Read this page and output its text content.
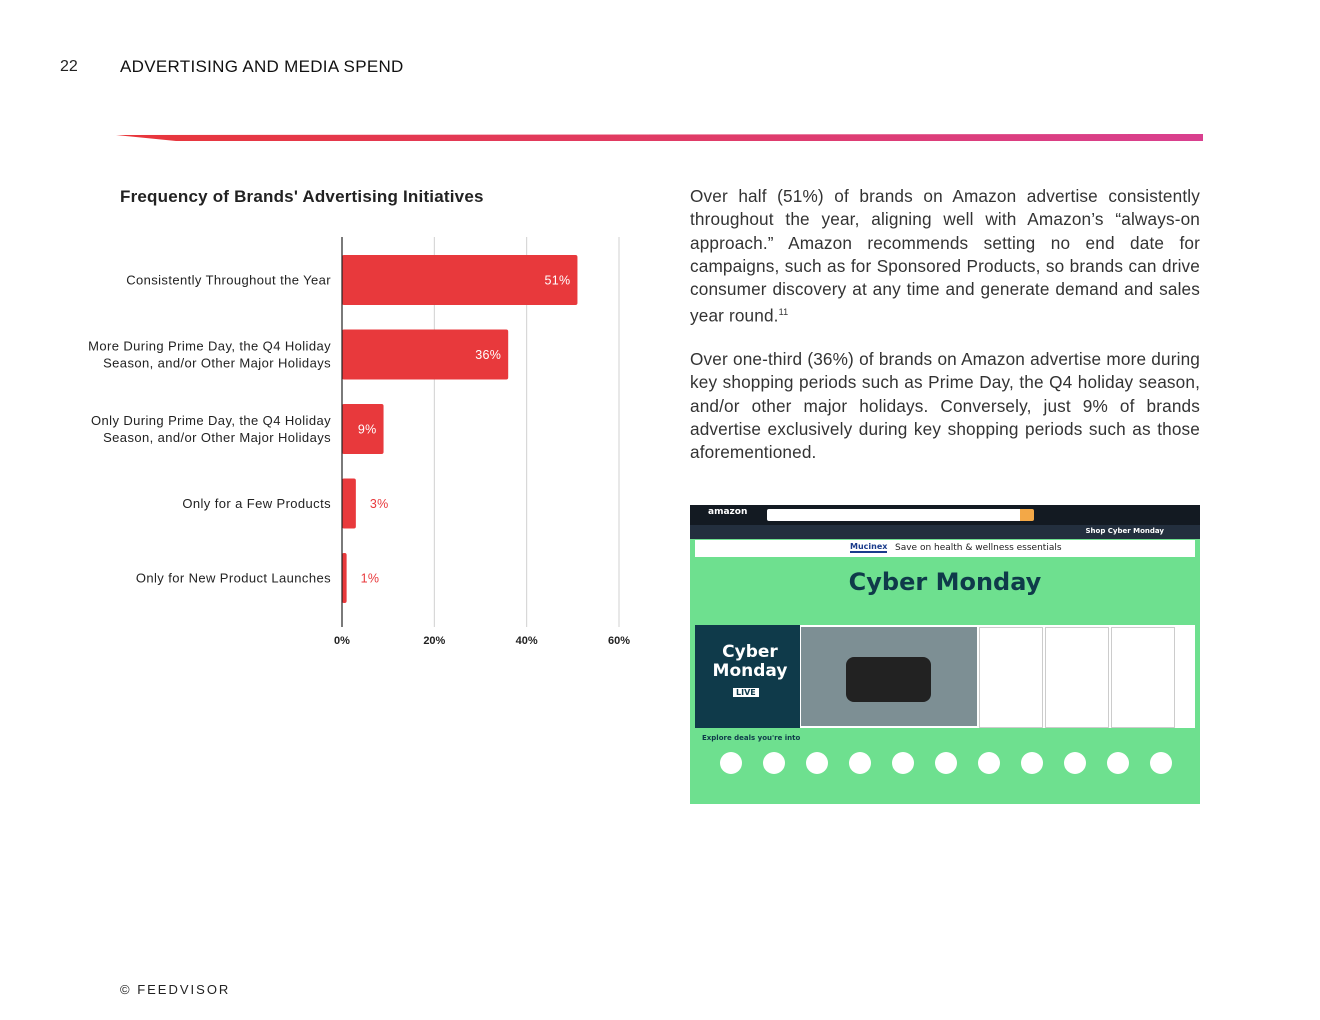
22 ADVERTISING AND MEDIA SPEND
Frequency of Brands' Advertising Initiatives
Consistently Throughout the Year	51%
More During Prime Day, the Q4 Holiday Season, and/or Other Major Holidays
36%
Only During Prime Day, the Q4 Holiday Season, and/or Other Major Holidays
9%
Only for a Few Products	3%
Only for New Product Launches 1%
0%	20%	40%	60%
Over half (51%) of brands on Amazon advertise consistently throughout the year, aligning well with Amazon’s “always-on approach.” Amazon recommends setting no end date for campaigns, such as for Sponsored Products, so brands can drive consumer discovery at any time and generate demand and sales year round.$^{11}$
Over one-third (36%) of brands on Amazon advertise more during key shopping periods such as Prime Day, the Q4 holiday season, and/or other major holidays. Conversely, just 9% of brands advertise exclusively during key shopping periods such as those aforementioned.
amazon
Shop Cyber Monday
Mucinex Save on health & wellness essentials
Cyber Monday
Cyber Monday
LIVE
Explore deals you're into
© FEEDVISOR
